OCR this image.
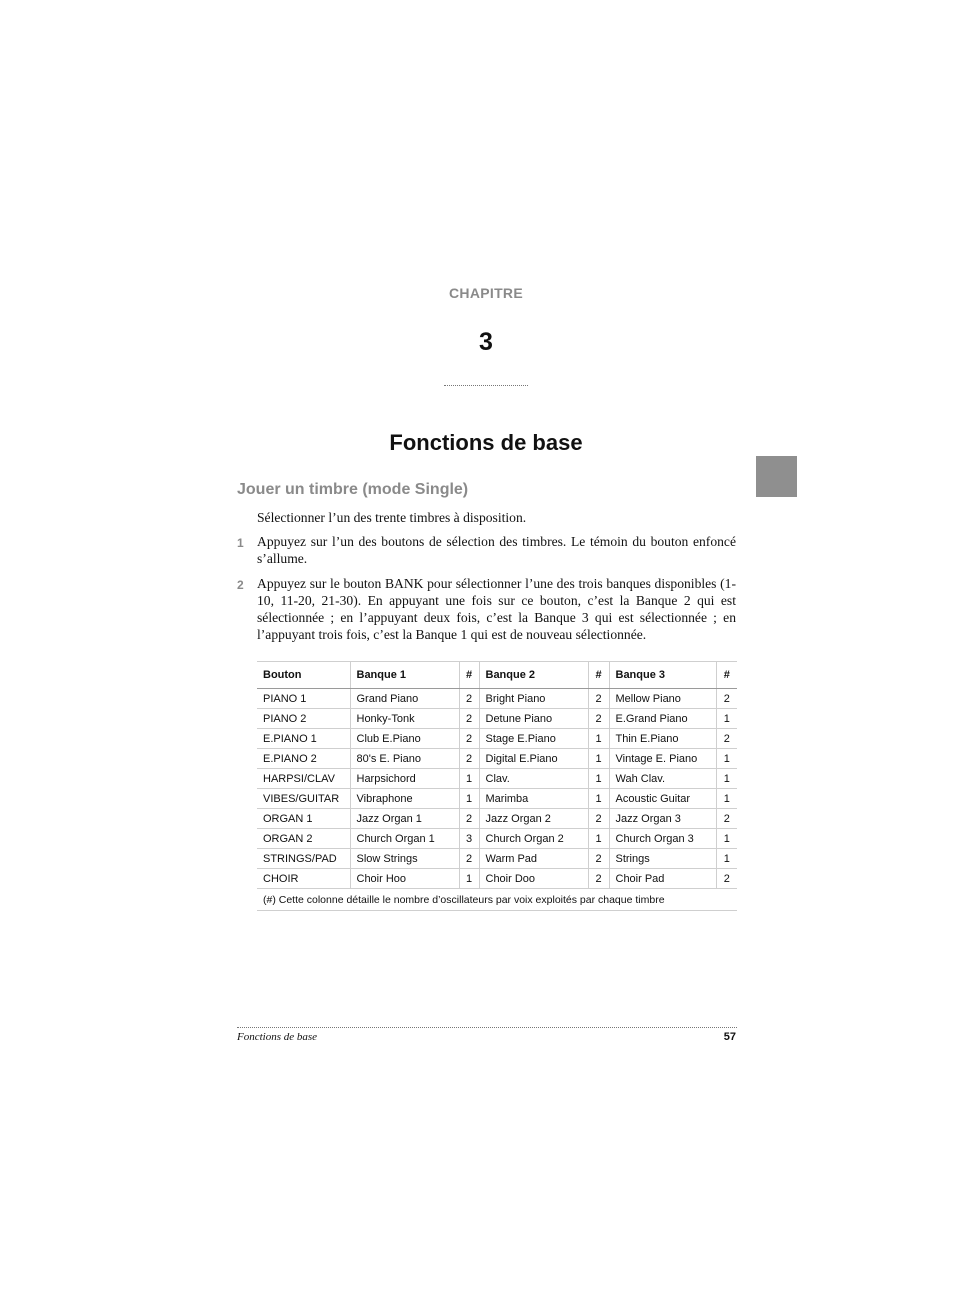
CHAPITRE
3
Fonctions de base
Jouer un timbre (mode Single)
Sélectionner l’un des trente timbres à disposition.
1 Appuyez sur l’un des boutons de sélection des timbres. Le témoin du bouton enfoncé s’allume.
2 Appuyez sur le bouton BANK pour sélectionner l’une des trois banques disponibles (1-10, 11-20, 21-30). En appuyant une fois sur ce bouton, c’est la Banque 2 qui est sélectionnée ; en l’appuyant deux fois, c’est la Banque 3 qui est sélectionnée ; en l’appuyant trois fois, c’est la Banque 1 qui est de nouveau sélectionnée.
Bouton	Banque 1	#	Banque 2	#	Banque 3	#
PIANO 1	Grand Piano	2	Bright Piano	2	Mellow Piano	2
PIANO 2	Honky-Tonk	2	Detune Piano	2	E.Grand Piano	1
E.PIANO 1	Club E.Piano	2	Stage E.Piano	1	Thin E.Piano	2
E.PIANO 2	80's E. Piano	2	Digital E.Piano	1	Vintage E. Piano	1
HARPSI/CLAV	Harpsichord	1	Clav.	1	Wah Clav.	1
VIBES/GUITAR	Vibraphone	1	Marimba	1	Acoustic Guitar	1
ORGAN 1	Jazz Organ 1	2	Jazz Organ 2	2	Jazz Organ 3	2
ORGAN 2	Church Organ 1	3	Church Organ 2	1	Church Organ 3	1
STRINGS/PAD	Slow Strings	2	Warm Pad	2	Strings	1
CHOIR	Choir Hoo	1	Choir Doo	2	Choir Pad	2
(#) Cette colonne détaille le nombre d’oscillateurs par voix exploités par chaque timbre						
Fonctions de base	57
